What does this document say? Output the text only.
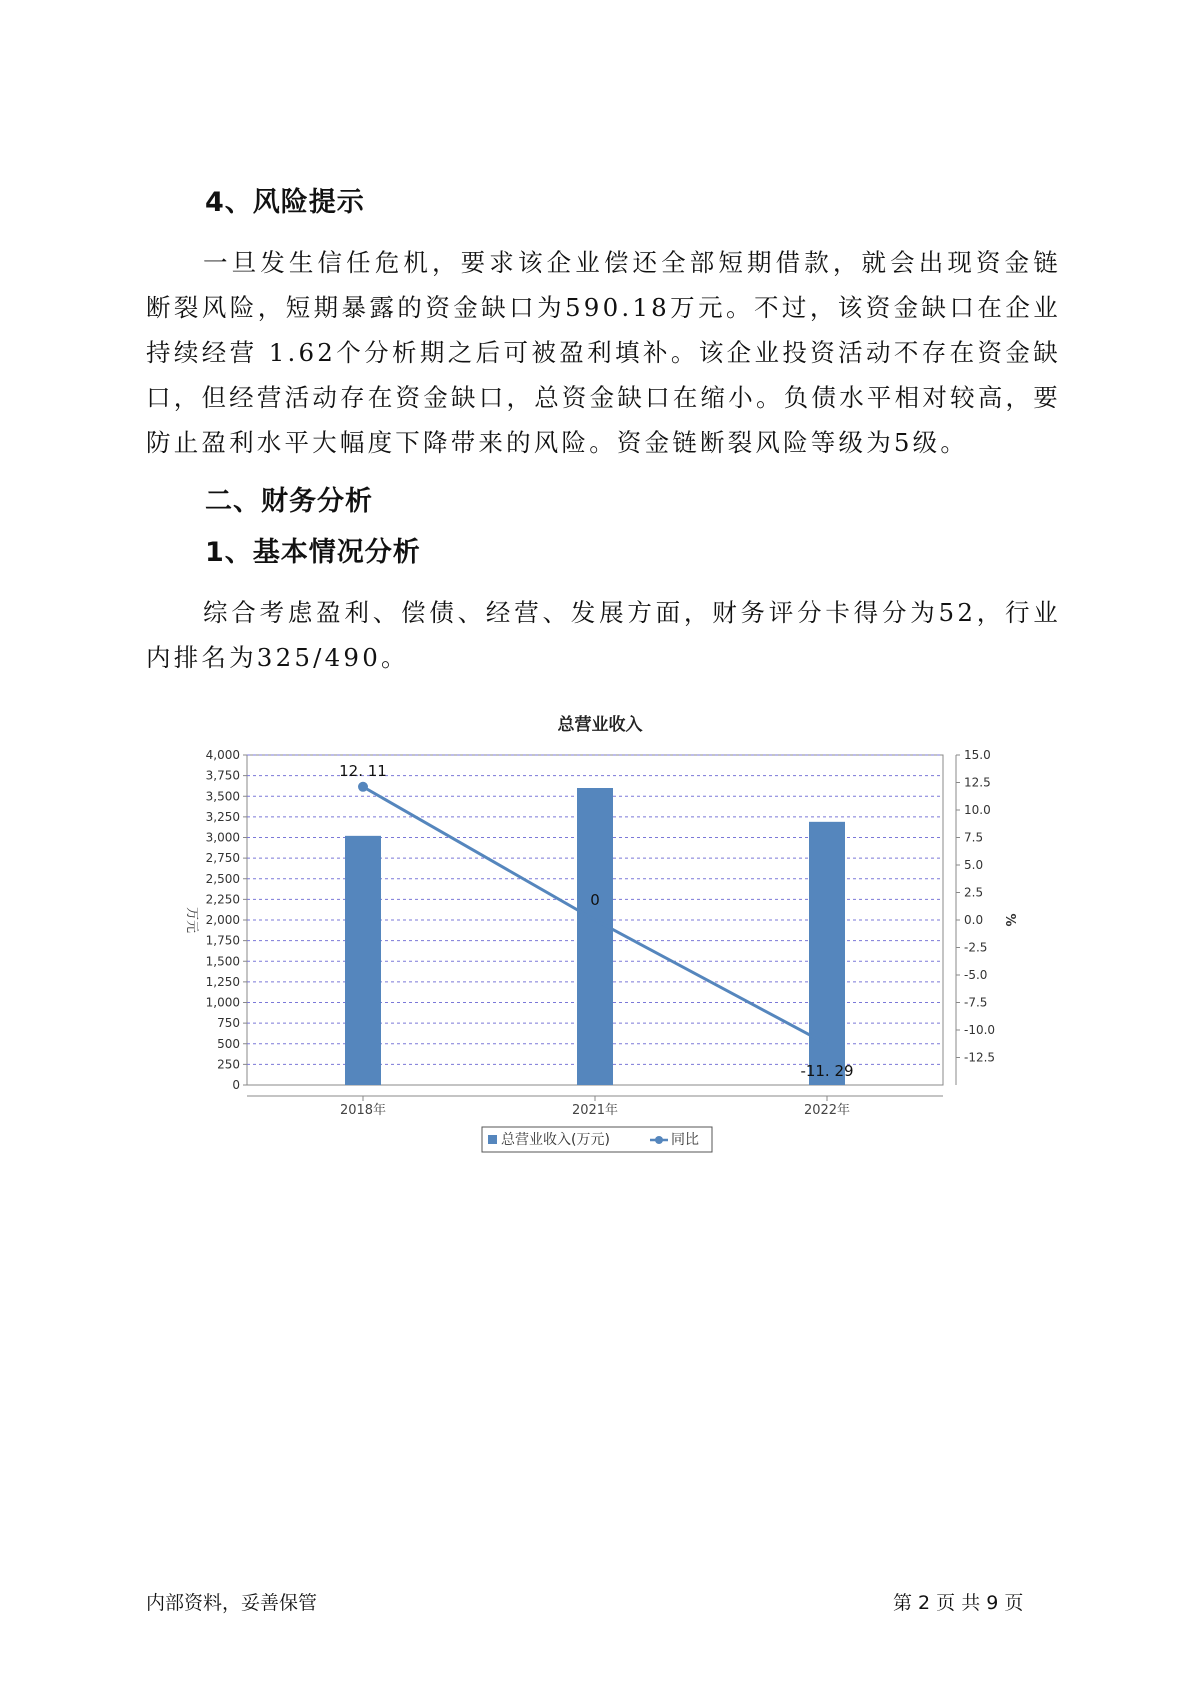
4、风险提示

一旦发生信任危机，要求该企业偿还全部短期借款，就会出现资金链断裂风险，短期暴露的资金缺口为590.18万元。不过，该资金缺口在企业持续经营 1.62个分析期之后可被盈利填补。该企业投资活动不存在资金缺口，但经营活动存在资金缺口，总资金缺口在缩小。负债水平相对较高，要防止盈利水平大幅度下降带来的风险。资金链断裂风险等级为5级。

二、财务分析
1、基本情况分析

综合考虑盈利、偿债、经营、发展方面，财务评分卡得分为52，行业内排名为325/490。

总营业收入
12. 11
0
-11. 29
0
250
500
750
1,000
1,250
1,500
1,750
2,000
2,250
2,500
2,750
3,000
3,250
3,500
3,750
4,000
-12.5
-10.0
-7.5
-5.0
-2.5
0.0
2.5
5.0
7.5
10.0
12.5
15.0
2018年	2021年	2022年
万元	%
总营业收入(万元)	同比
内部资料，妥善保管	第 2 页 共 9 页
